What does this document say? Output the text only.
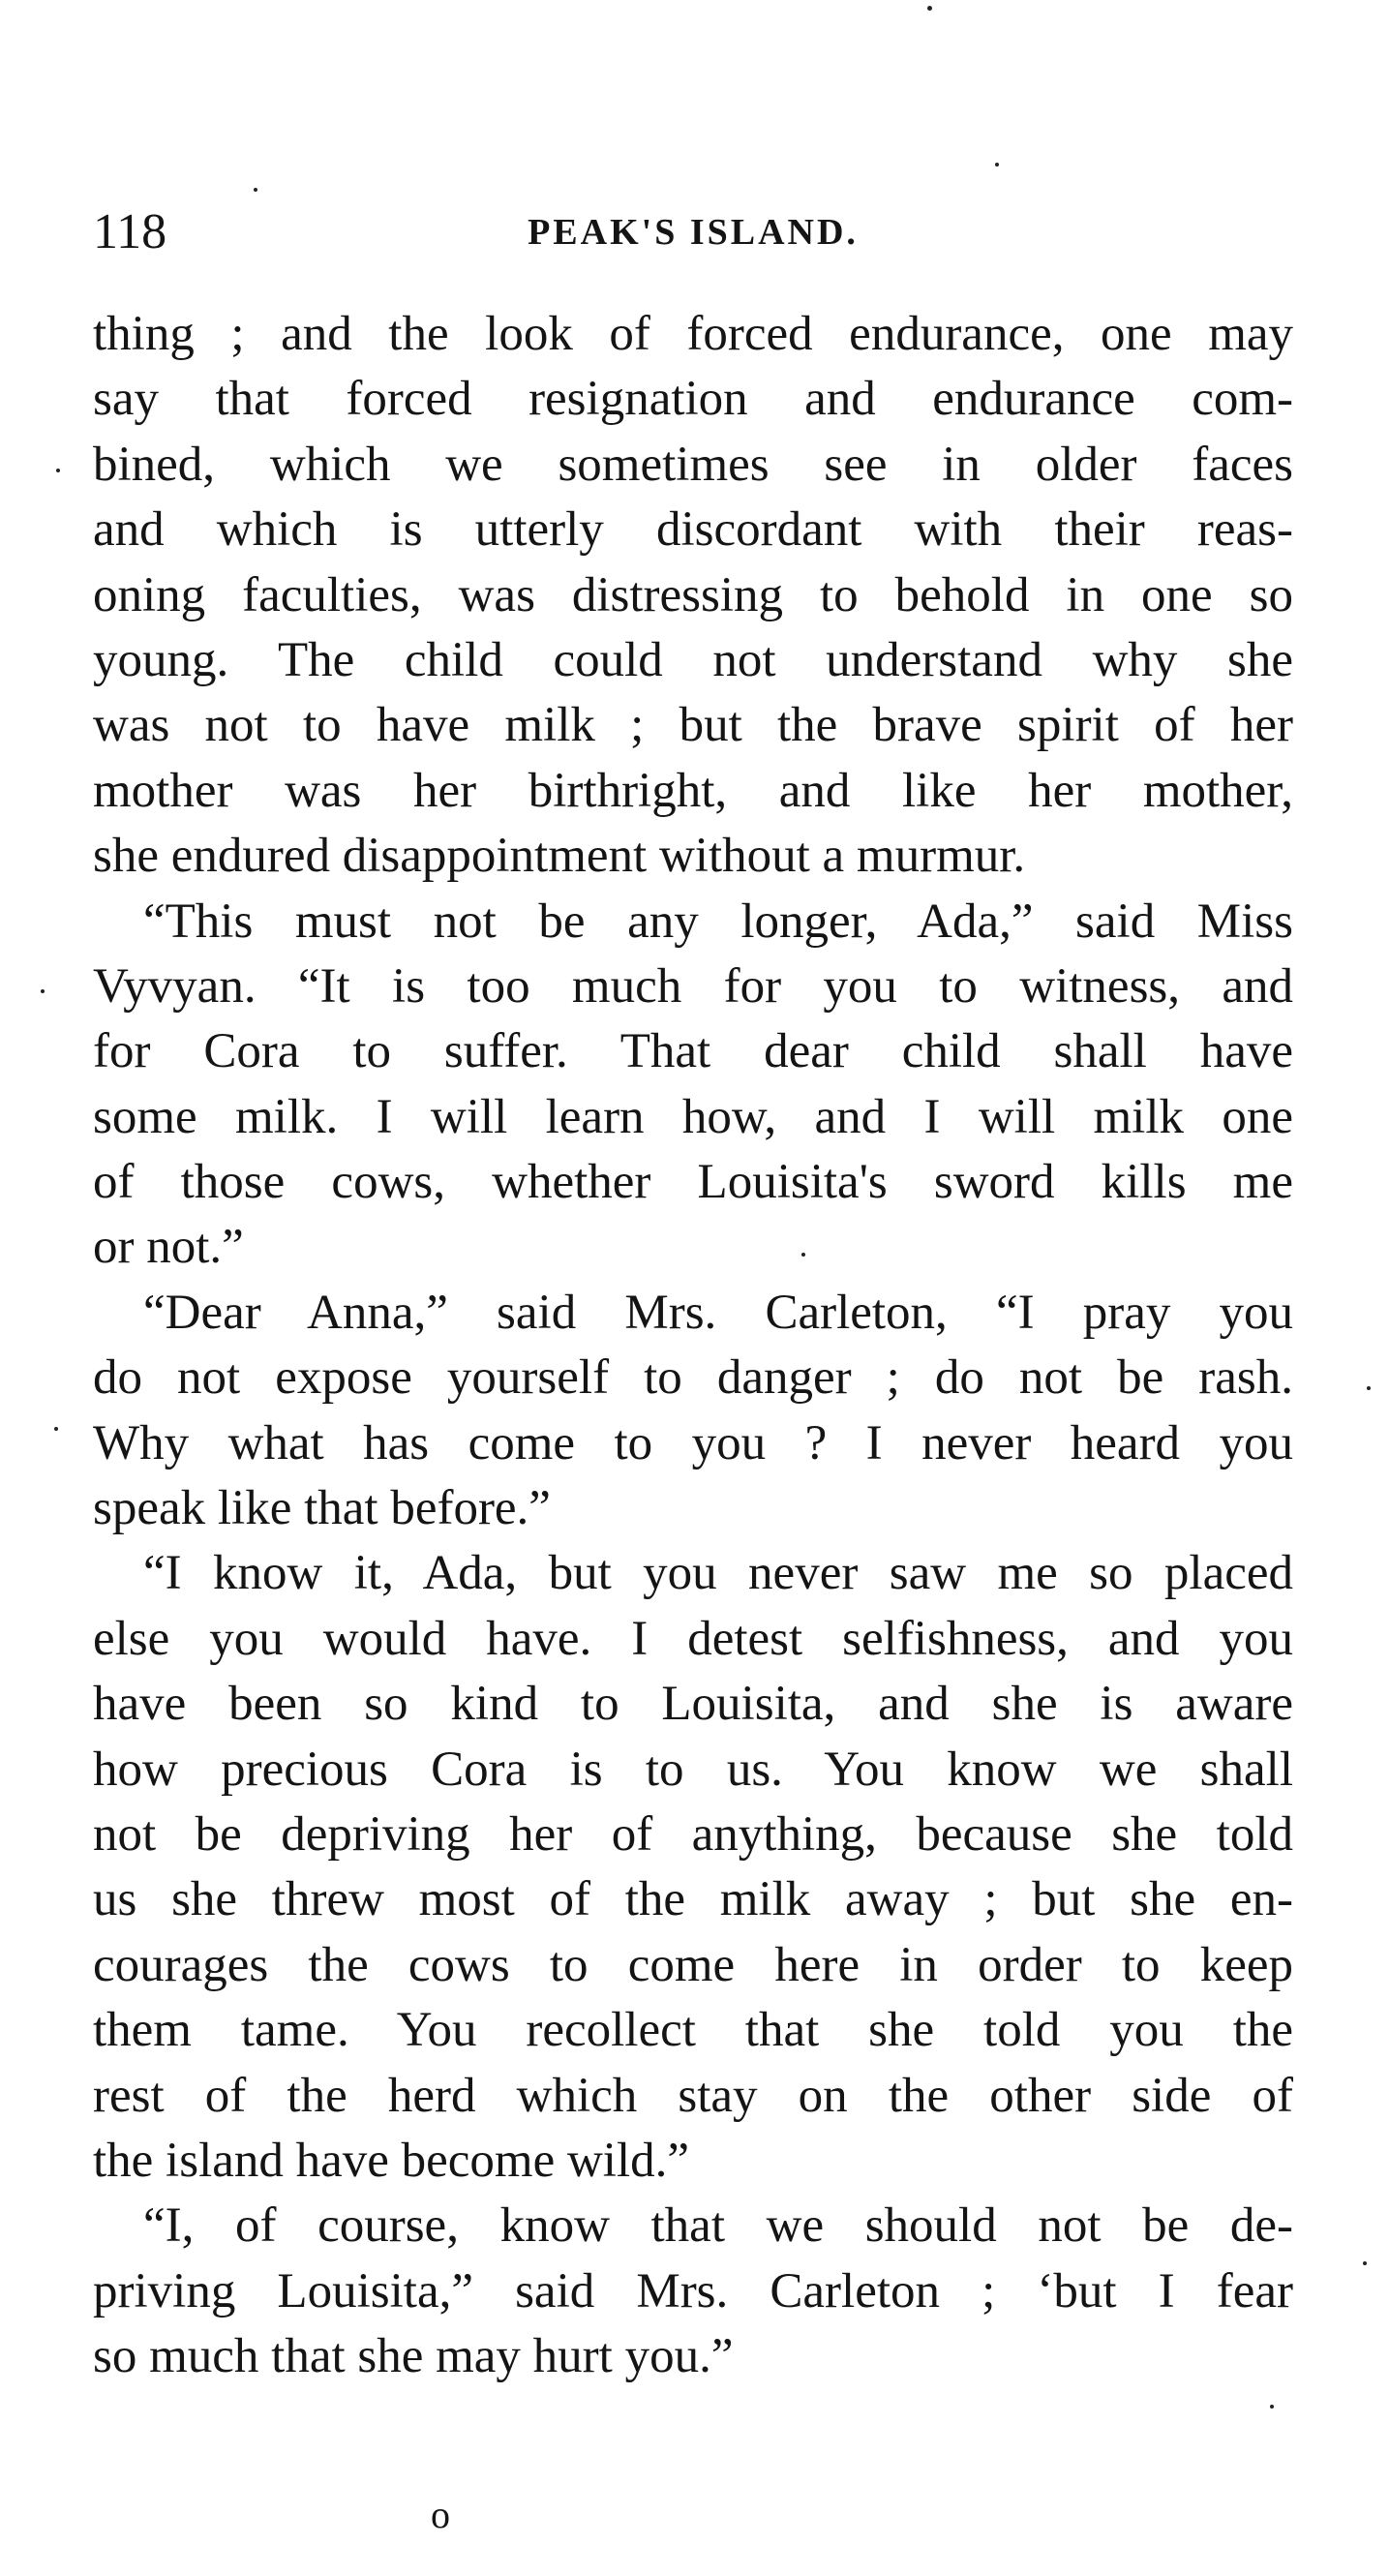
118	PEAK'S ISLAND.
thing ; and the look of forced endurance, one may
say that forced resignation and endurance com-
bined, which we sometimes see in older faces
and which is utterly discordant with their reas-
oning faculties, was distressing to behold in one so
young. The child could not understand why she
was not to have milk ; but the brave spirit of her
mother was her birthright, and like her mother,
she endured disappointment without a murmur.
“This must not be any longer, Ada,” said Miss
Vyvyan. “It is too much for you to witness, and
for Cora to suffer. That dear child shall have
some milk. I will learn how, and I will milk one
of those cows, whether Louisita's sword kills me
or not.”
“Dear Anna,” said Mrs. Carleton, “I pray you
do not expose yourself to danger ; do not be rash.
Why what has come to you ? I never heard you
speak like that before.”
“I know it, Ada, but you never saw me so placed
else you would have. I detest selfishness, and you
have been so kind to Louisita, and she is aware
how precious Cora is to us. You know we shall
not be depriving her of anything, because she told
us she threw most of the milk away ; but she en-
courages the cows to come here in order to keep
them tame. You recollect that she told you the
rest of the herd which stay on the other side of
the island have become wild.”
“I, of course, know that we should not be de-
priving Louisita,” said Mrs. Carleton ; ‘but I fear
so much that she may hurt you.”
o
